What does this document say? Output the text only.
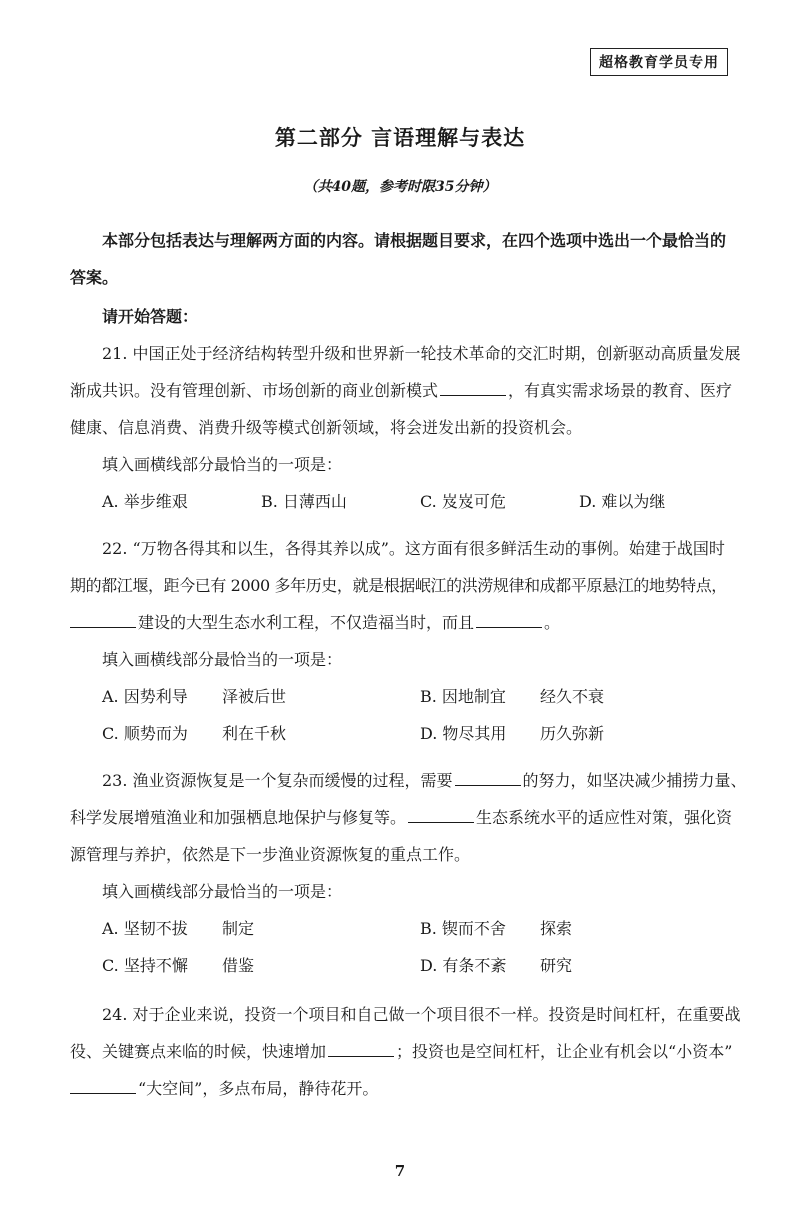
超格教育学员专用
第二部分 言语理解与表达
（共40题，参考时限35分钟）

本部分包括表达与理解两方面的内容。请根据题目要求，在四个选项中选出一个最恰当的

答案。

请开始答题：

21. 中国正处于经济结构转型升级和世界新一轮技术革命的交汇时期，创新驱动高质量发展

渐成共识。没有管理创新、市场创新的商业创新模式	，有真实需求场景的教育、医疗

健康、信息消费、消费升级等模式创新领域，将会迸发出新的投资机会。

填入画横线部分最恰当的一项是：

A. 举步维艰	B. 日薄西山	C. 岌岌可危	D. 难以为继

22. “万物各得其和以生，各得其养以成”。这方面有很多鲜活生动的事例。始建于战国时

期的都江堰，距今已有 2000 多年历史，就是根据岷江的洪涝规律和成都平原悬江的地势特点，

建设的大型生态水利工程，不仅造福当时，而且	。

填入画横线部分最恰当的一项是：

A. 因势利导	泽被后世	B. 因地制宜	经久不衰
C. 顺势而为	利在千秋	D. 物尽其用	历久弥新

23. 渔业资源恢复是一个复杂而缓慢的过程，需要	的努力，如坚决减少捕捞力量、

科学发展增殖渔业和加强栖息地保护与修复等。	生态系统水平的适应性对策，强化资

源管理与养护，依然是下一步渔业资源恢复的重点工作。

填入画横线部分最恰当的一项是：

A. 坚韧不拔	制定	B. 锲而不舍	探索
C. 坚持不懈	借鉴	D. 有条不紊	研究

24. 对于企业来说，投资一个项目和自己做一个项目很不一样。投资是时间杠杆，在重要战

役、关键赛点来临的时候，快速增加	；投资也是空间杠杆，让企业有机会以“小资本”

“大空间”，多点布局，静待花开。

7
